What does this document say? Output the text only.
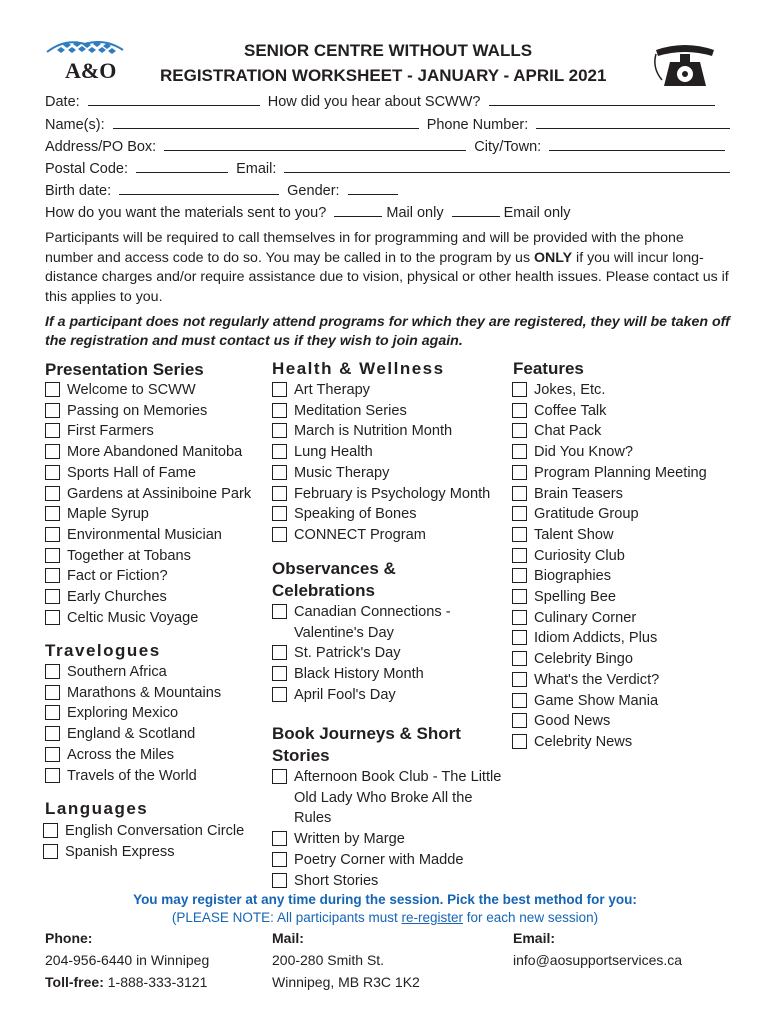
A&O
SENIOR CENTRE WITHOUT WALLS
REGISTRATION WORKSHEET - JANUARY - APRIL 2021
Date:	How did you hear about SCWW?
Name(s):	Phone Number:
Address/PO Box:	City/Town:
Postal Code:	Email:
Birth date:	Gender:
How do you want the materials sent to you?	Mail only	Email only
Participants will be required to call themselves in for programming and will be provided with the phone number and access code to do so. You may be called in to the program by us ONLY if you will incur long-distance charges and/or require assistance due to vision, physical or other health issues. Please contact us if this applies to you.
If a participant does not regularly attend programs for which they are registered, they will be taken off the registration and must contact us if they wish to join again.
Presentation Series
Welcome to SCWW
Passing on Memories
First Farmers
More Abandoned Manitoba
Sports Hall of Fame
Gardens at Assiniboine Park
Maple Syrup
Environmental Musician
Together at Tobans
Fact or Fiction?
Early Churches
Celtic Music Voyage
Travelogues
Southern Africa
Marathons & Mountains
Exploring Mexico
England & Scotland
Across the Miles
Travels of the World
Languages
English Conversation Circle
Spanish Express
Health & Wellness
Art Therapy
Meditation Series
March is Nutrition Month
Lung Health
Music Therapy
February is Psychology Month
Speaking of Bones
CONNECT Program
Observances &
Celebrations
Canadian Connections - Valentine's Day
St. Patrick's Day
Black History Month
April Fool's Day
Book Journeys & Short
Stories
Afternoon Book Club - The Little Old Lady Who Broke All the Rules
Written by Marge
Poetry Corner with Madde
Short Stories
Features
Jokes, Etc.
Coffee Talk
Chat Pack
Did You Know?
Program Planning Meeting
Brain Teasers
Gratitude Group
Talent Show
Curiosity Club
Biographies
Spelling Bee
Culinary Corner
Idiom Addicts, Plus
Celebrity Bingo
What's the Verdict?
Game Show Mania
Good News
Celebrity News
You may register at any time during the session. Pick the best method for you:
(PLEASE NOTE: All participants must re-register for each new session)
Phone:
204-956-6440 in Winnipeg
Toll-free: 1-888-333-3121
Mail:
200-280 Smith St.
Winnipeg, MB R3C 1K2
Email:
info@aosupportservices.ca
